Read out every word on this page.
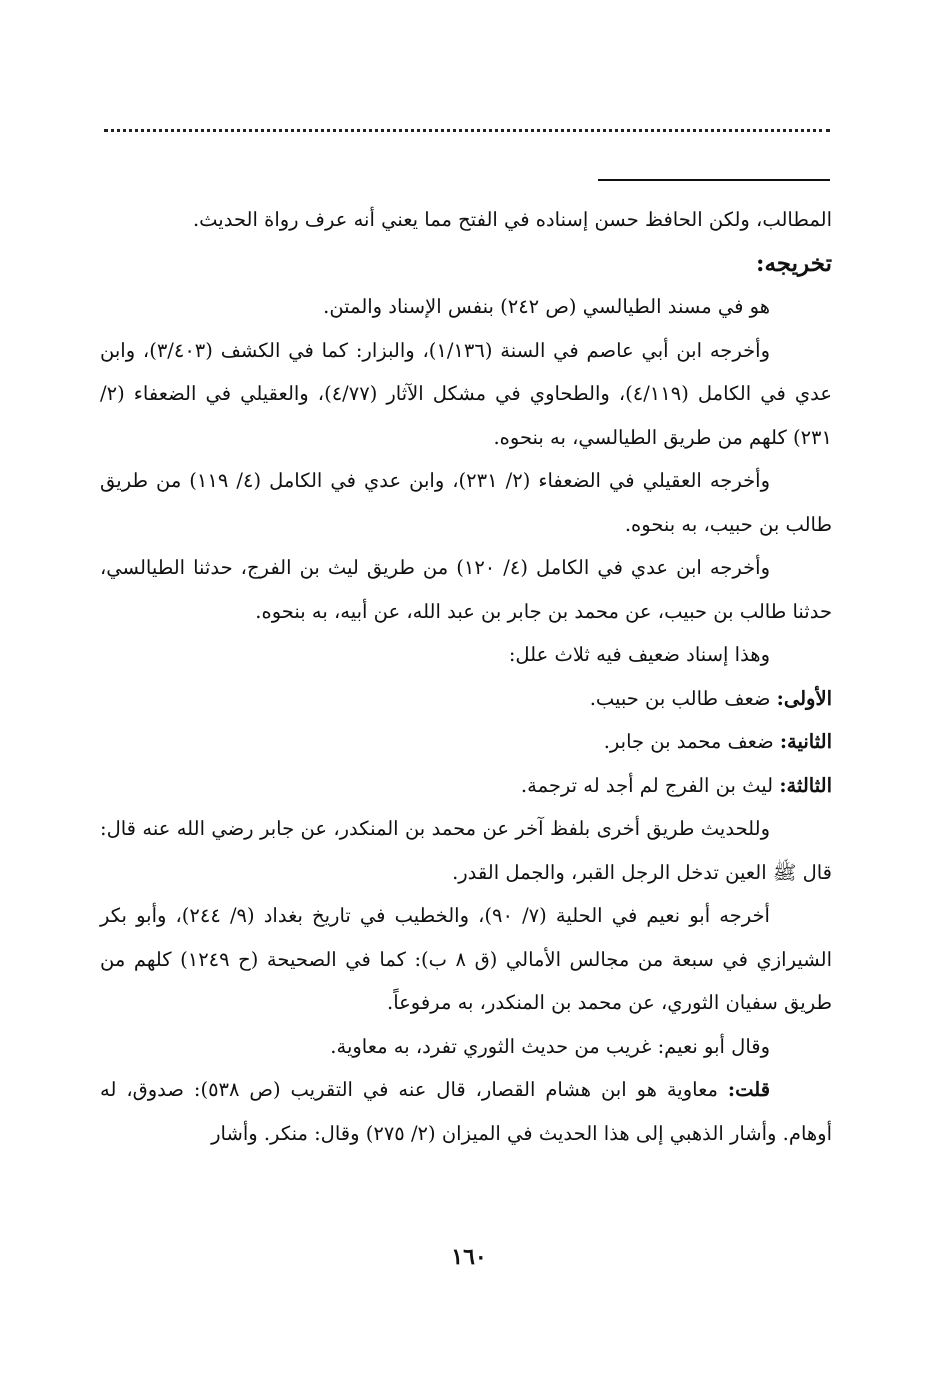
المطالب، ولكن الحافظ حسن إسناده في الفتح مما يعني أنه عرف رواة الحديث.

تخريجه:

هو في مسند الطيالسي (ص ٢٤٢) بنفس الإسناد والمتن.

وأخرجه ابن أبي عاصم في السنة (١/١٣٦)، والبزار: كما في الكشف (٣/٤٠٣)، وابن عدي في الكامل (٤/١١٩)، والطحاوي في مشكل الآثار (٤/٧٧)، والعقيلي في الضعفاء (٢/ ٢٣١) كلهم من طريق الطيالسي، به بنحوه.

وأخرجه العقيلي في الضعفاء (٢/ ٢٣١)، وابن عدي في الكامل (٤/ ١١٩) من طريق طالب بن حبيب، به بنحوه.

وأخرجه ابن عدي في الكامل (٤/ ١٢٠) من طريق ليث بن الفرج، حدثنا الطيالسي، حدثنا طالب بن حبيب، عن محمد بن جابر بن عبد الله، عن أبيه، به بنحوه.

وهذا إسناد ضعيف فيه ثلاث علل:

الأولى: ضعف طالب بن حبيب.

الثانية: ضعف محمد بن جابر.

الثالثة: ليث بن الفرج لم أجد له ترجمة.

وللحديث طريق أخرى بلفظ آخر عن محمد بن المنكدر، عن جابر رضي الله عنه قال: قال ﷺ العين تدخل الرجل القبر، والجمل القدر.

أخرجه أبو نعيم في الحلية (٧/ ٩٠)، والخطيب في تاريخ بغداد (٩/ ٢٤٤)، وأبو بكر الشيرازي في سبعة من مجالس الأمالي (ق ٨ ب): كما في الصحيحة (ح ١٢٤٩) كلهم من طريق سفيان الثوري، عن محمد بن المنكدر، به مرفوعاً.

وقال أبو نعيم: غريب من حديث الثوري تفرد، به معاوية.

قلت: معاوية هو ابن هشام القصار، قال عنه في التقريب (ص ٥٣٨): صدوق، له أوهام. وأشار الذهبي إلى هذا الحديث في الميزان (٢/ ٢٧٥) وقال: منكر. وأشار

١٦٠
